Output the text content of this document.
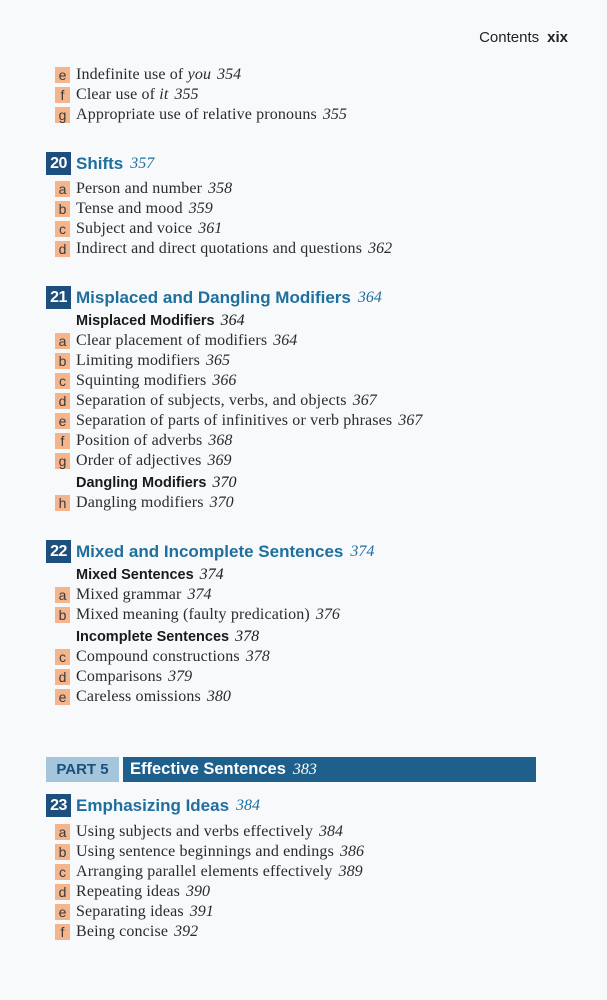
Contents xix
e Indefinite use of you 354
f Clear use of it 355
g Appropriate use of relative pronouns 355
20 Shifts 357
a Person and number 358
b Tense and mood 359
c Subject and voice 361
d Indirect and direct quotations and questions 362
21 Misplaced and Dangling Modifiers 364
Misplaced Modifiers 364
a Clear placement of modifiers 364
b Limiting modifiers 365
c Squinting modifiers 366
d Separation of subjects, verbs, and objects 367
e Separation of parts of infinitives or verb phrases 367
f Position of adverbs 368
g Order of adjectives 369
Dangling Modifiers 370
h Dangling modifiers 370
22 Mixed and Incomplete Sentences 374
Mixed Sentences 374
a Mixed grammar 374
b Mixed meaning (faulty predication) 376
Incomplete Sentences 378
c Compound constructions 378
d Comparisons 379
e Careless omissions 380
PART 5	Effective Sentences 383
23 Emphasizing Ideas 384
a Using subjects and verbs effectively 384
b Using sentence beginnings and endings 386
c Arranging parallel elements effectively 389
d Repeating ideas 390
e Separating ideas 391
f Being concise 392
